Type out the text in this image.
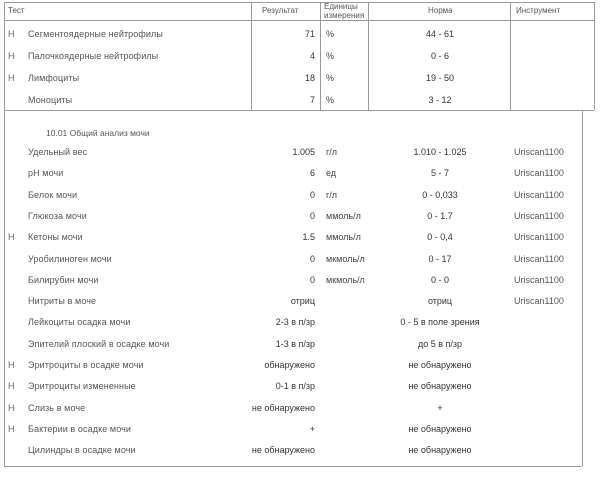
Тест	Результат	Единицы измерения
Норма	Инструмент
10.01 Общий анализ мочи
Н Сегментоядерные нейтрофилы	71 %	44 - 61
Н Палочкоядерные нейтрофилы	4 %	0 - 6
Н Лимфоциты	18 %	19 - 50
Моноциты	7 %	3 - 12
Удельный вес	1.005 г/л	1.010 - 1.025	Uriscan1100
pH мочи	6 ед	5 - 7	Uriscan1100
Белок мочи	0 г/л	0 - 0,033	Uriscan1100
Глюкоза мочи	0 ммоль/л	0 - 1.7	Uriscan1100
Н Кетоны мочи	1.5 ммоль/л	0 - 0,4	Uriscan1100
Уробилиноген мочи	0 мкмоль/л	0 - 17	Uriscan1100
Билирубин мочи	0 мкмоль/л	0 - 0	Uriscan1100
Нитриты в моче	отриц	отриц	Uriscan1100
Лейкоциты осадка мочи	2-3 в п/зр	0 - 5 в поле зрения
Эпителий плоский в осадке мочи	1-3 в п/зр	до 5 в п/зр
Н Эритроциты в осадке мочи	обнаружено	не обнаружено
Н Эритроциты измененные	0-1 в п/зр	не обнаружено
Н Слизь в моче	не обнаружено	+
Н Бактерии в осадке мочи	+	не обнаружено
Цилиндры в осадке мочи	не обнаружено	не обнаружено
